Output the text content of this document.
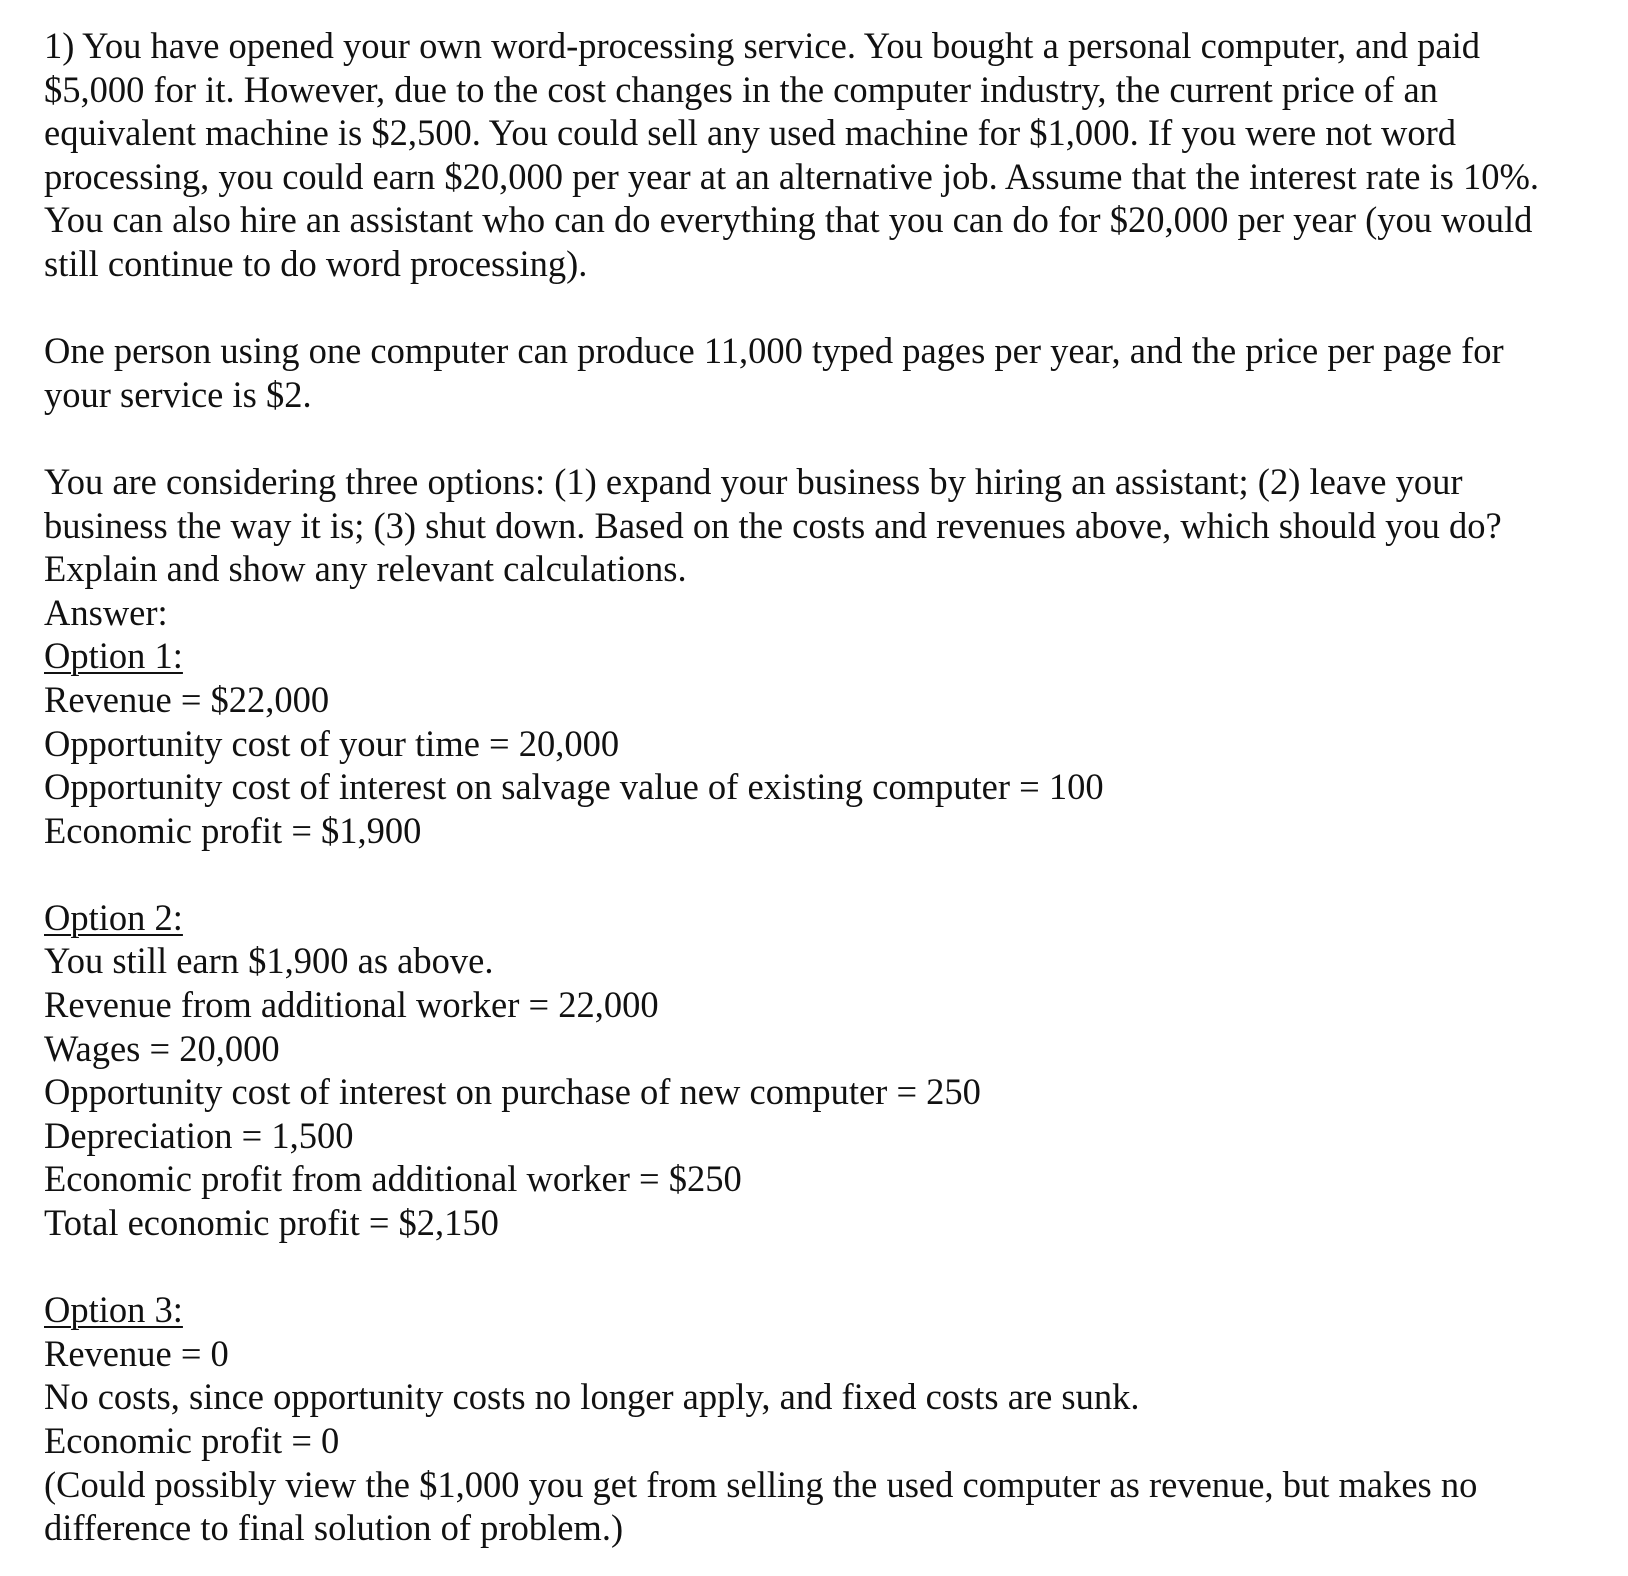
1) You have opened your own word-processing service. You bought a personal computer, and paid $5,000 for it. However, due to the cost changes in the computer industry, the current price of an equivalent machine is $2,500. You could sell any used machine for $1,000. If you were not word processing, you could earn $20,000 per year at an alternative job. Assume that the interest rate is 10%. You can also hire an assistant who can do everything that you can do for $20,000 per year (you would still continue to do word processing).

One person using one computer can produce 11,000 typed pages per year, and the price per page for your service is $2.

You are considering three options: (1) expand your business by hiring an assistant; (2) leave your business the way it is; (3) shut down. Based on the costs and revenues above, which should you do? Explain and show any relevant calculations.

Answer:

Option 1:

Revenue = $22,000

Opportunity cost of your time = 20,000

Opportunity cost of interest on salvage value of existing computer = 100

Economic profit = $1,900

Option 2:

You still earn $1,900 as above.

Revenue from additional worker = 22,000

Wages = 20,000

Opportunity cost of interest on purchase of new computer = 250

Depreciation = 1,500

Economic profit from additional worker = $250

Total economic profit = $2,150

Option 3:

Revenue = 0

No costs, since opportunity costs no longer apply, and fixed costs are sunk.

Economic profit = 0

(Could possibly view the $1,000 you get from selling the used computer as revenue, but makes no difference to final solution of problem.)
